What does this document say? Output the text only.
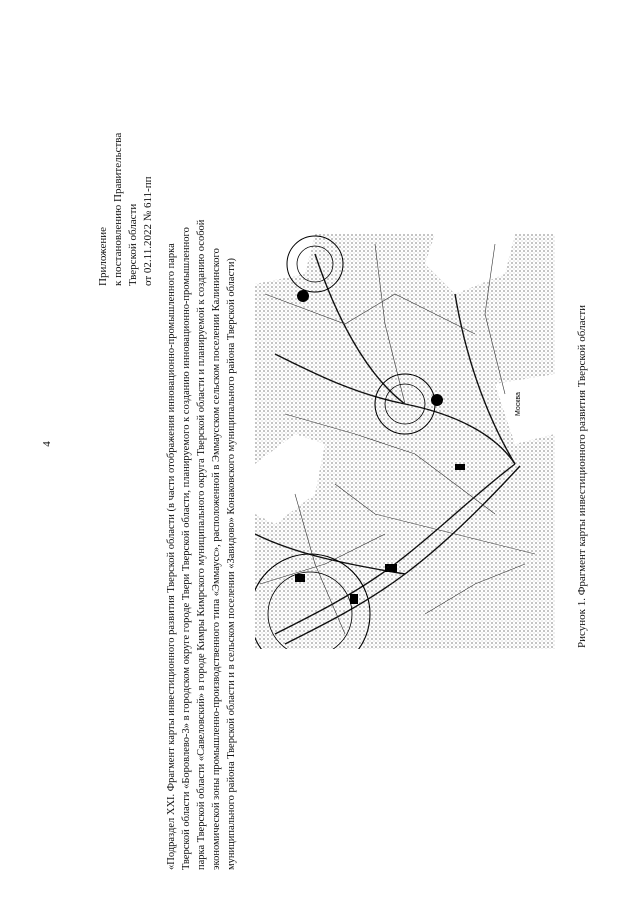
4
Приложение к постановлению Правительства Тверской области от 02.11.2022 № 611-пп
«Подраздел XXI. Фрагмент карты инвестиционного развития Тверской области (в части отображения инновационно-промышленного парка Тверской области «Боровлево-3» в городском округе городе Твери Тверской области, планируемого к созданию инновационно-промышленного парка Тверской области «Савеловский» в городе Кимры Кимрского муниципального округа Тверской области и планируемой к созданию особой экономической зоны промышленно-производственного типа «Эммаусс», расположенной в Эммаусском сельском поселении Калининского муниципального района Тверской области и в сельском поселении «Завидово» Конаковского муниципального района Тверской области)	Москва	Рисунок 1. Фрагмент карты инвестиционного развития Тверской области
